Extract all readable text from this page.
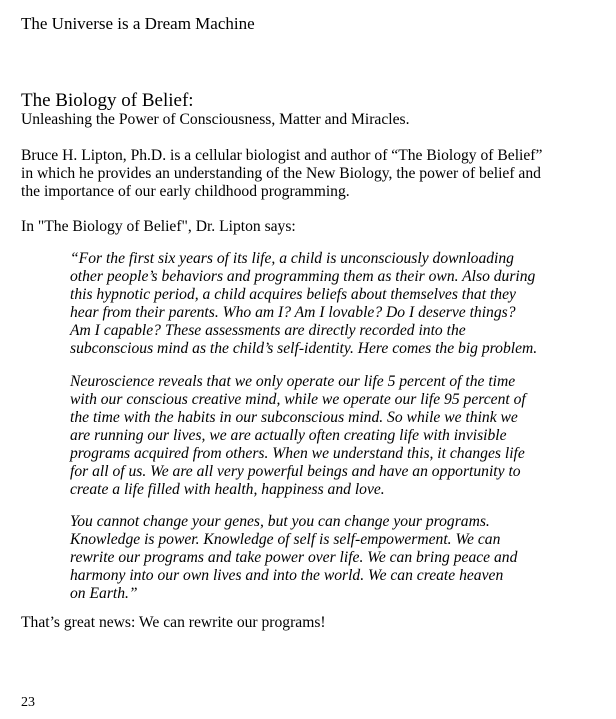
The Universe is a Dream Machine
The Biology of Belief:
Unleashing the Power of Consciousness, Matter and Miracles.
Bruce H. Lipton, Ph.D. is a cellular biologist and author of “The Biology of Belief”
in which he provides an understanding of the New Biology, the power of belief and
the importance of our early childhood programming.
In "The Biology of Belief", Dr. Lipton says:
“For the first six years of its life, a child is unconsciously downloading
other people’s behaviors and programming them as their own. Also during
this hypnotic period, a child acquires beliefs about themselves that they
hear from their parents. Who am I? Am I lovable? Do I deserve things?
Am I capable? These assessments are directly recorded into the
subconscious mind as the child’s self-identity. Here comes the big problem.
Neuroscience reveals that we only operate our life 5 percent of the time
with our conscious creative mind, while we operate our life 95 percent of
the time with the habits in our subconscious mind. So while we think we
are running our lives, we are actually often creating life with invisible
programs acquired from others. When we understand this, it changes life
for all of us. We are all very powerful beings and have an opportunity to
create a life filled with health, happiness and love.
You cannot change your genes, but you can change your programs.
Knowledge is power. Knowledge of self is self-empowerment. We can
rewrite our programs and take power over life. We can bring peace and
harmony into our own lives and into the world. We can create heaven
on Earth.”
That’s great news: We can rewrite our programs!
23
